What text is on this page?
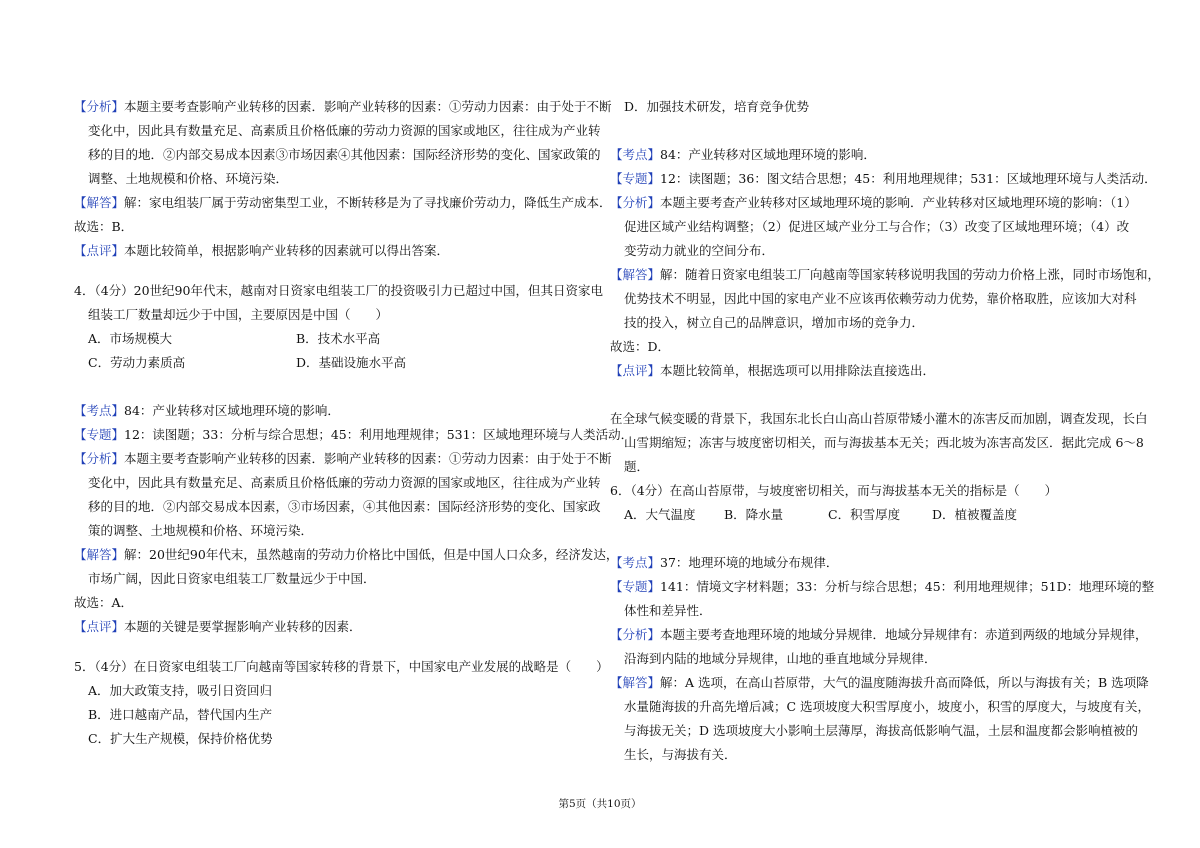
【分析】本题主要考查影响产业转移的因素．影响产业转移的因素：①劳动力因素：由于处于不断
变化中，因此具有数量充足、高素质且价格低廉的劳动力资源的国家或地区，往往成为产业转
移的目的地．②内部交易成本因素③市场因素④其他因素：国际经济形势的变化、国家政策的
调整、土地规模和价格、环境污染．
【解答】解：家电组装厂属于劳动密集型工业，不断转移是为了寻找廉价劳动力，降低生产成本．
故选：B．
【点评】本题比较简单，根据影响产业转移的因素就可以得出答案．
4．（4分）20世纪90年代末，越南对日资家电组装工厂的投资吸引力已超过中国，但其日资家电
组装工厂数量却远少于中国，主要原因是中国（　　）
A．市场规模大	B．技术水平高
C．劳动力素质高	D．基础设施水平高
【考点】84：产业转移对区域地理环境的影响．
【专题】12：读图题；33：分析与综合思想；45：利用地理规律；531：区域地理环境与人类活动．
【分析】本题主要考查影响产业转移的因素．影响产业转移的因素：①劳动力因素：由于处于不断
变化中，因此具有数量充足、高素质且价格低廉的劳动力资源的国家或地区，往往成为产业转
移的目的地．②内部交易成本因素，③市场因素，④其他因素：国际经济形势的变化、国家政
策的调整、土地规模和价格、环境污染．
【解答】解：20世纪90年代末，虽然越南的劳动力价格比中国低，但是中国人口众多，经济发达，
市场广阔，因此日资家电组装工厂数量远少于中国．
故选：A．
【点评】本题的关键是要掌握影响产业转移的因素．
5．（4分）在日资家电组装工厂向越南等国家转移的背景下，中国家电产业发展的战略是（　　）
A．加大政策支持，吸引日资回归
B．进口越南产品，替代国内生产
C．扩大生产规模，保持价格优势
D．加强技术研发，培育竞争优势
【考点】84：产业转移对区域地理环境的影响．
【专题】12：读图题；36：图文结合思想；45：利用地理规律；531：区域地理环境与人类活动．
【分析】本题主要考查产业转移对区域地理环境的影响．产业转移对区域地理环境的影响：（1）
促进区域产业结构调整；（2）促进区域产业分工与合作；（3）改变了区域地理环境；（4）改
变劳动力就业的空间分布．
【解答】解：随着日资家电组装工厂向越南等国家转移说明我国的劳动力价格上涨，同时市场饱和，
优势技术不明显，因此中国的家电产业不应该再依赖劳动力优势，靠价格取胜，应该加大对科
技的投入，树立自己的品牌意识，增加市场的竞争力．
故选：D．
【点评】本题比较简单，根据选项可以用排除法直接选出．
在全球气候变暖的背景下，我国东北长白山高山苔原带矮小灌木的冻害反而加剧，调查发现，长白
山雪期缩短；冻害与坡度密切相关，而与海拔基本无关；西北坡为冻害高发区．据此完成 6～8
题．
6．（4分）在高山苔原带，与坡度密切相关，而与海拔基本无关的指标是（　　）
A．大气温度 B．降水量	C．积雪厚度	D．植被覆盖度
【考点】37：地理环境的地域分布规律．
【专题】141：情境文字材料题；33：分析与综合思想；45：利用地理规律；51D：地理环境的整
体性和差异性．
【分析】本题主要考查地理环境的地域分异规律．地域分异规律有：赤道到两级的地域分异规律，
沿海到内陆的地域分异规律，山地的垂直地域分异规律．
【解答】解：A 选项，在高山苔原带，大气的温度随海拔升高而降低，所以与海拔有关；B 选项降
水量随海拔的升高先增后减；C 选项坡度大积雪厚度小，坡度小，积雪的厚度大，与坡度有关，
与海拔无关；D 选项坡度大小影响土层薄厚，海拔高低影响气温，土层和温度都会影响植被的
生长，与海拔有关．
第5页（共10页）
